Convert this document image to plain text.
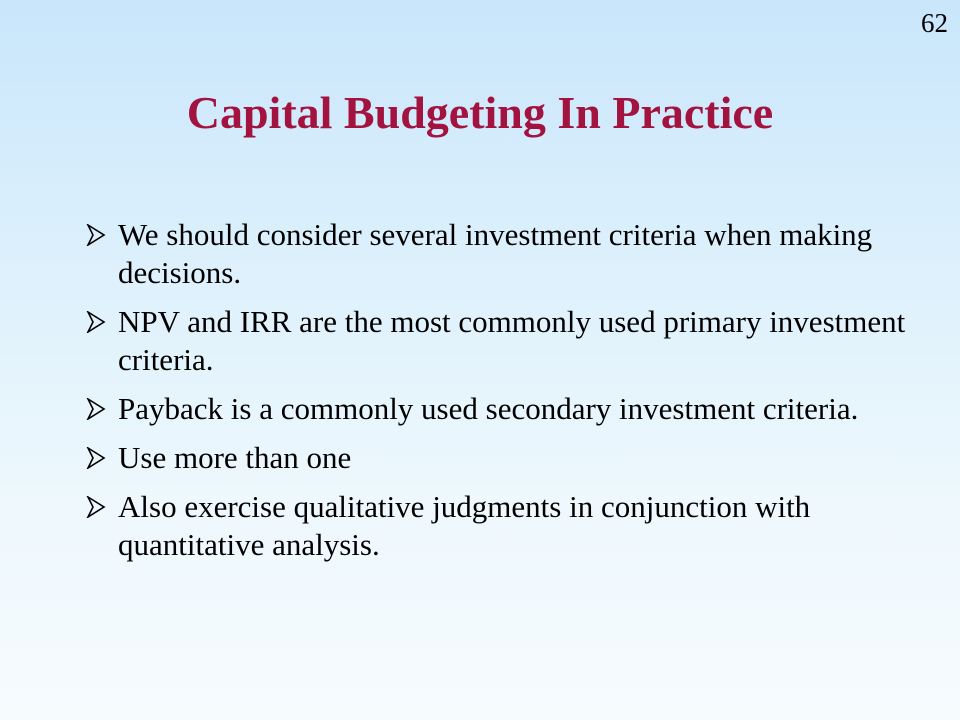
62
Capital Budgeting In Practice
We should consider several investment criteria when making decisions.
NPV and IRR are the most commonly used primary investment criteria.
Payback is a commonly used secondary investment criteria.
Use more than one
Also exercise qualitative judgments in conjunction with quantitative analysis.
